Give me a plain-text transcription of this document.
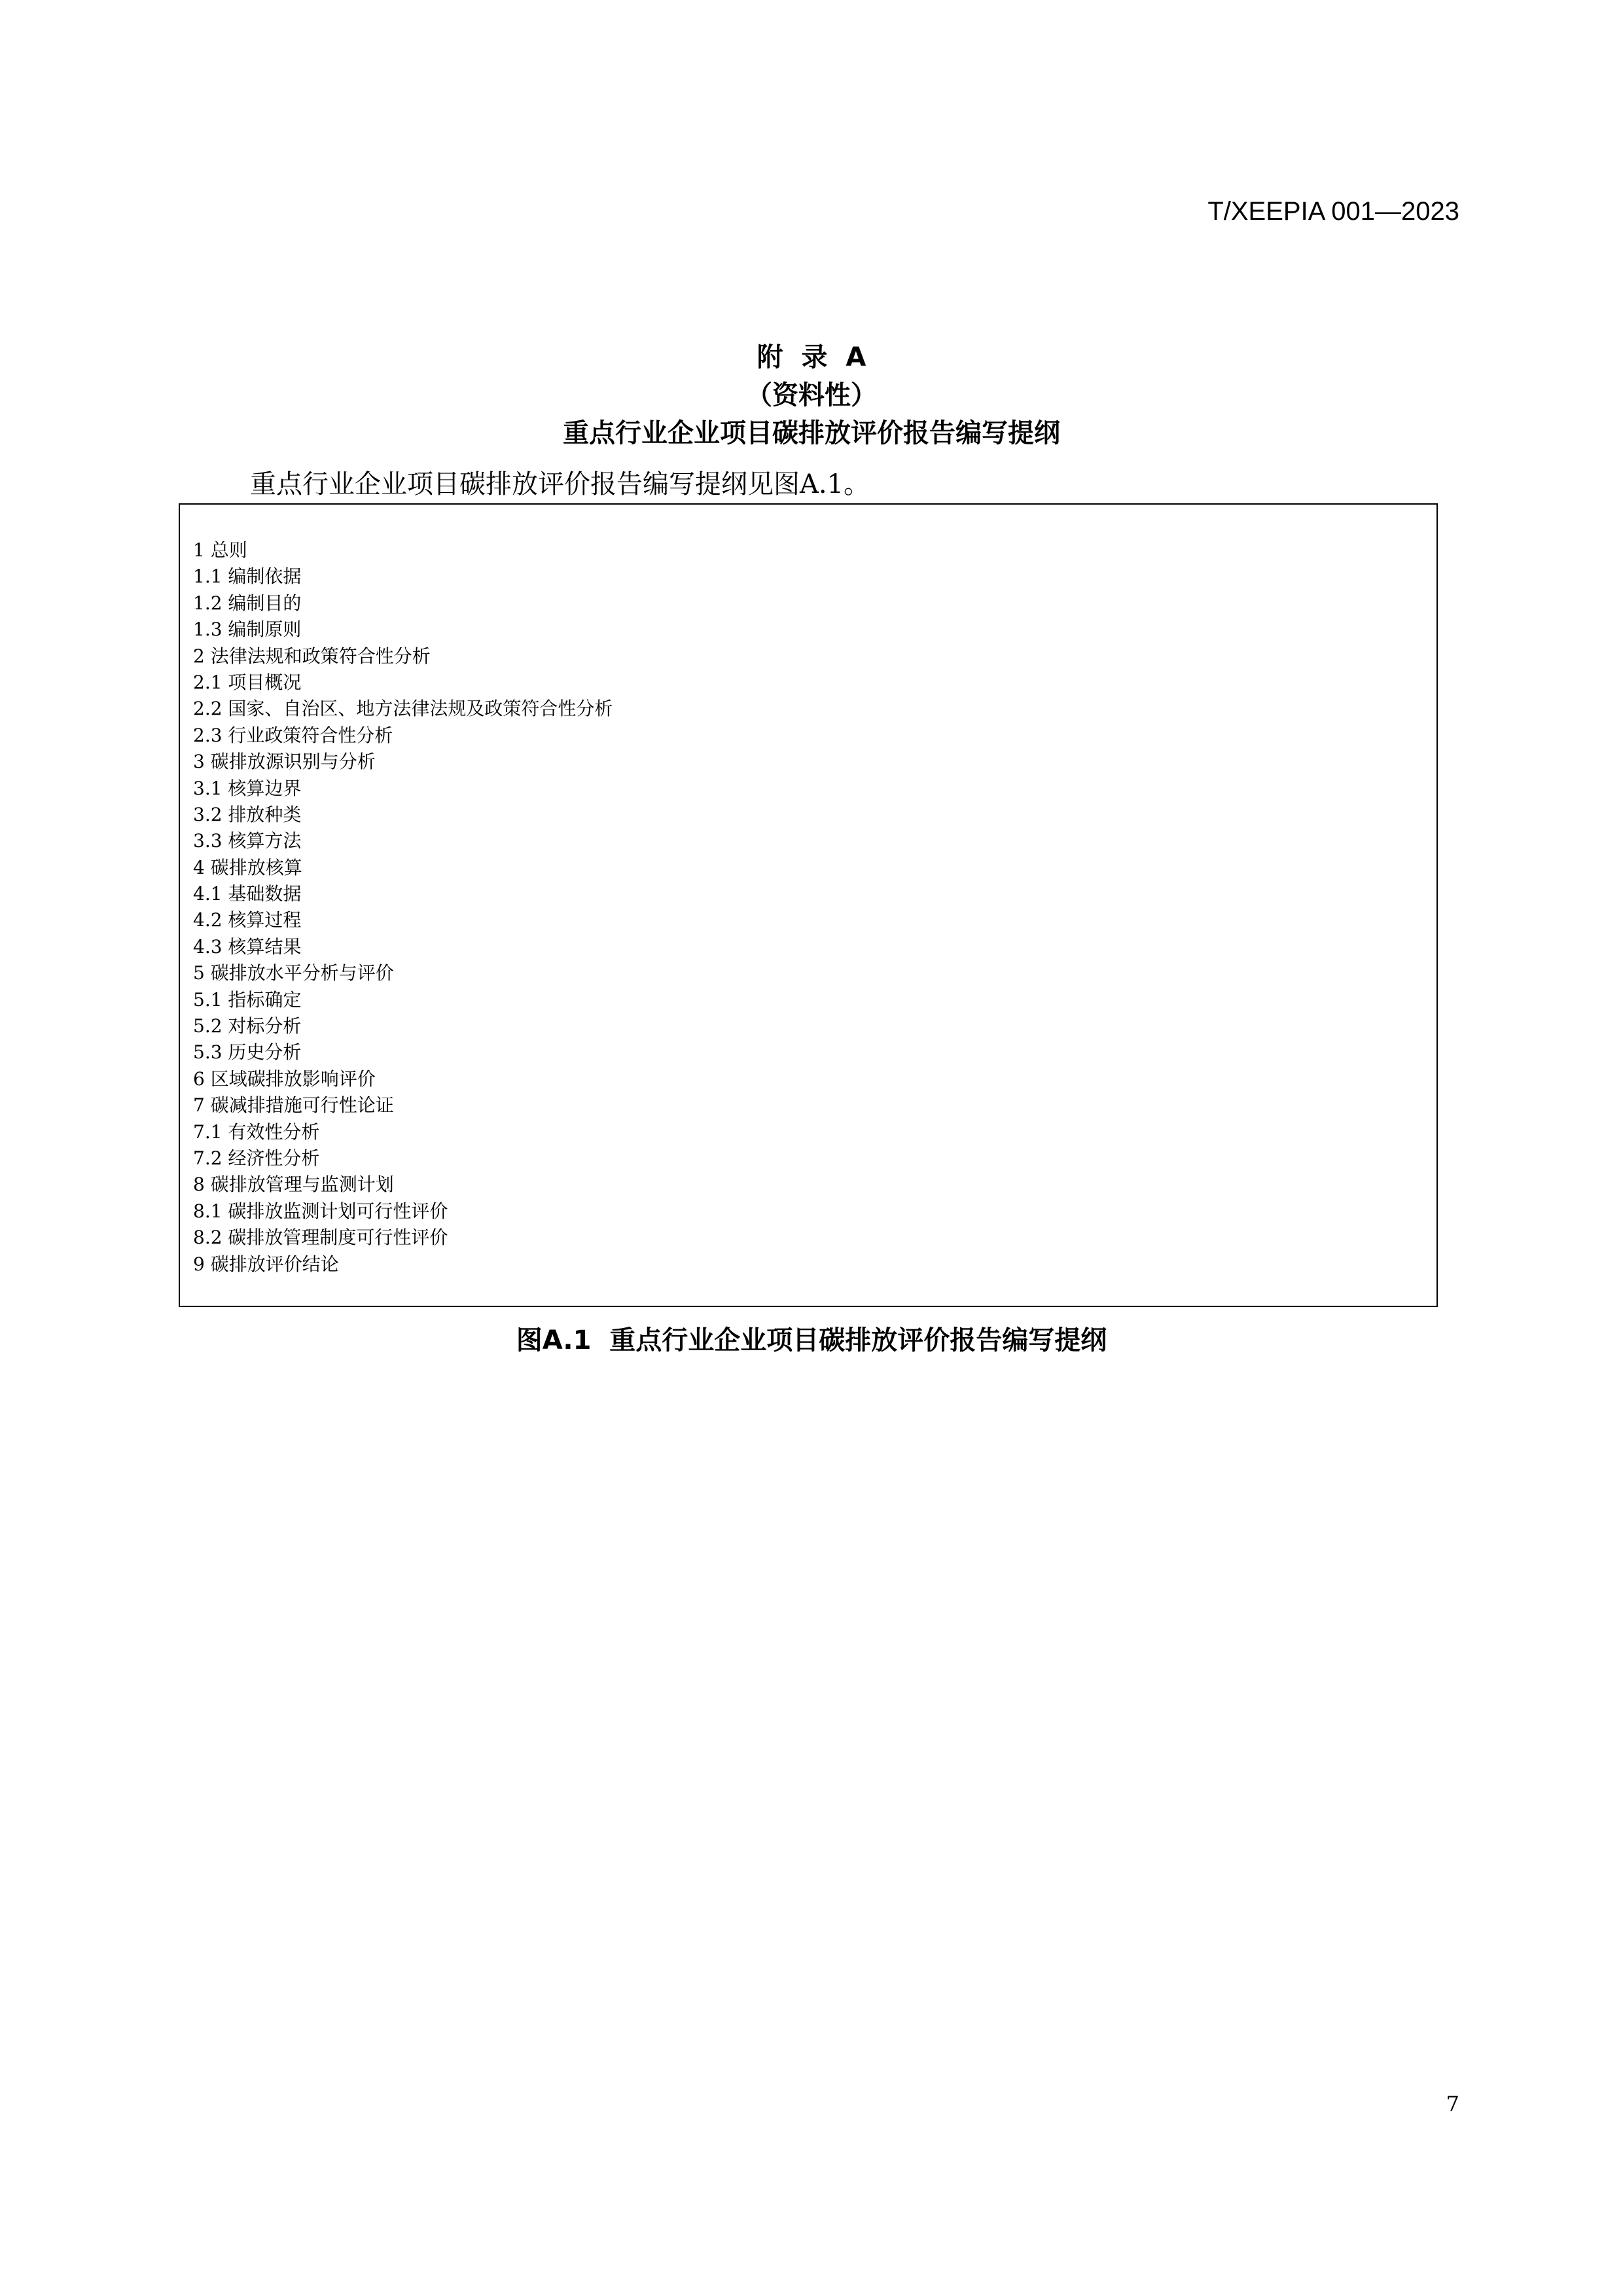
T/XEEPIA 001—2023
附  录  A
（资料性）
重点行业企业项目碳排放评价报告编写提纲
重点行业企业项目碳排放评价报告编写提纲见图A.1。
1 总则
1.1 编制依据
1.2 编制目的
1.3 编制原则
2 法律法规和政策符合性分析
2.1 项目概况
2.2 国家、自治区、地方法律法规及政策符合性分析
2.3 行业政策符合性分析
3 碳排放源识别与分析
3.1 核算边界
3.2 排放种类
3.3 核算方法
4 碳排放核算
4.1 基础数据
4.2 核算过程
4.3 核算结果
5 碳排放水平分析与评价
5.1 指标确定
5.2 对标分析
5.3 历史分析
6 区域碳排放影响评价
7 碳减排措施可行性论证
7.1 有效性分析
7.2 经济性分析
8 碳排放管理与监测计划
8.1 碳排放监测计划可行性评价
8.2 碳排放管理制度可行性评价
9 碳排放评价结论
图A.1  重点行业企业项目碳排放评价报告编写提纲
7
